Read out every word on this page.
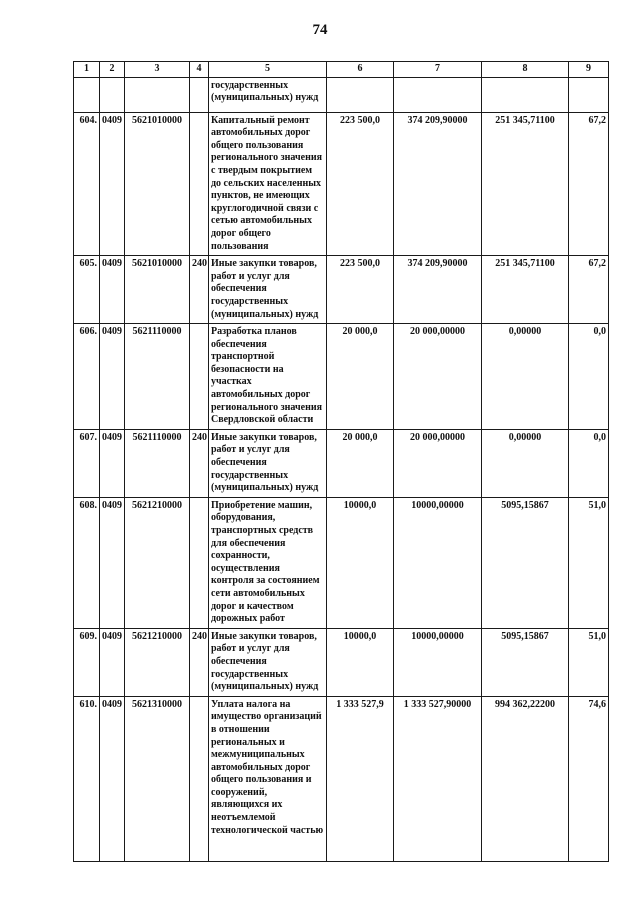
74
1	2	3	4	5	6	7	8	9
				государственных (муниципальных) нужд				
604.	0409	5621010000		Капитальный ремонт автомобильных дорог общего пользования регионального значения с твердым покрытием до сельских населенных пунктов, не имеющих круглогодичной связи с сетью автомобильных дорог общего пользования	223 500,0	374 209,90000	251 345,71100	67,2
605.	0409	5621010000	240	Иные закупки товаров, работ и услуг для обеспечения государственных (муниципальных) нужд	223 500,0	374 209,90000	251 345,71100	67,2
606.	0409	5621110000		Разработка планов обеспечения транспортной безопасности на участках автомобильных дорог регионального значения Свердловской области	20 000,0	20 000,00000	0,00000	0,0
607.	0409	5621110000	240	Иные закупки товаров, работ и услуг для обеспечения государственных (муниципальных) нужд	20 000,0	20 000,00000	0,00000	0,0
608.	0409	5621210000		Приобретение машин, оборудования, транспортных средств для обеспечения сохранности, осуществления контроля за состоянием сети автомобильных дорог и качеством дорожных работ	10000,0	10000,00000	5095,15867	51,0
609.	0409	5621210000	240	Иные закупки товаров, работ и услуг для обеспечения государственных (муниципальных) нужд	10000,0	10000,00000	5095,15867	51,0
610.	0409	5621310000		Уплата налога на имущество организаций в отношении региональных и межмуниципальных автомобильных дорог общего пользования и сооружений, являющихся их неотъемлемой технологической частью	1 333 527,9	1 333 527,90000	994 362,22200	74,6
